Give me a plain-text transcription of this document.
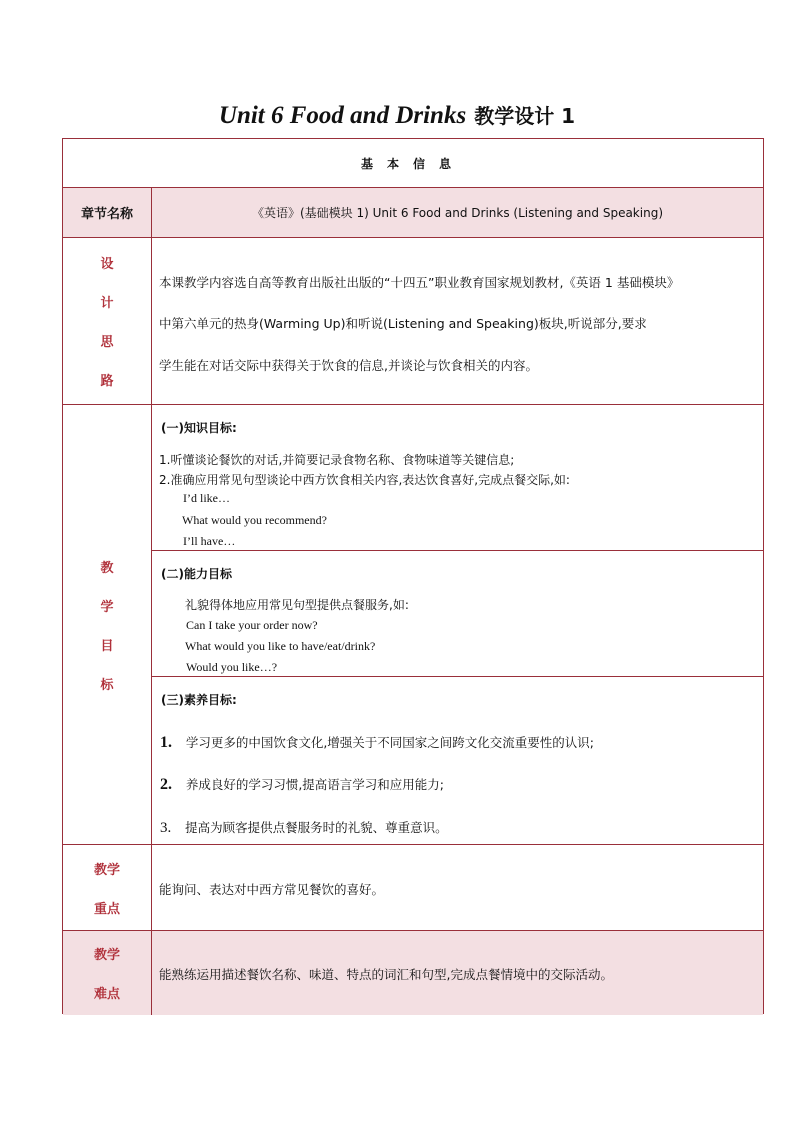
Unit 6 Food and Drinks 教学设计 1
基本信息
章节名称	《英语》(基础模块 1) Unit 6 Food and Drinks (Listening and Speaking)
设
计
思
路
本课教学内容选自高等教育出版社出版的“十四五”职业教育国家规划教材,《英语 1 基础模块》
中第六单元的热身(Warming Up)和听说(Listening and Speaking)板块,听说部分,要求
学生能在对话交际中获得关于饮食的信息,并谈论与饮食相关的内容。
教
学
目
标
(一)知识目标:
1.听懂谈论餐饮的对话,并简要记录食物名称、食物味道等关键信息;
2.准确应用常见句型谈论中西方饮食相关内容,表达饮食喜好,完成点餐交际,如:
I’d like…
What would you recommend?
I’ll have…
(二)能力目标
礼貌得体地应用常见句型提供点餐服务,如:
Can I take your order now?
What would you like to have/eat/drink?
Would you like…?
(三)素养目标:
1. 学习更多的中国饮食文化,增强关于不同国家之间跨文化交流重要性的认识;
2. 养成良好的学习习惯,提高语言学习和应用能力;
3. 提高为顾客提供点餐服务时的礼貌、尊重意识。
教学
重点
能询问、表达对中西方常见餐饮的喜好。
教学
难点
能熟练运用描述餐饮名称、味道、特点的词汇和句型,完成点餐情境中的交际活动。
